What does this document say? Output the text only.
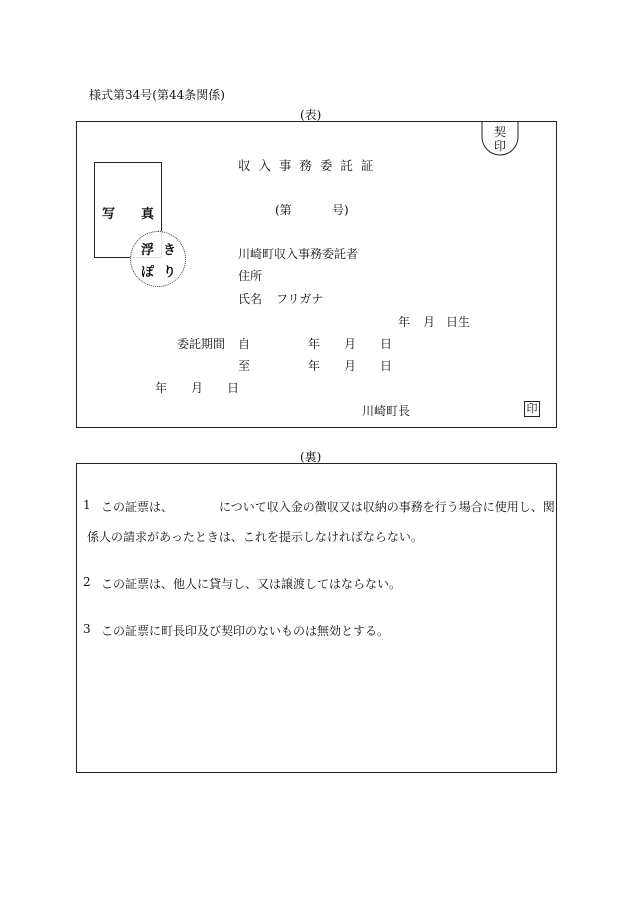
様式第34号(第44条関係)
(表)
契
印
写 真
浮 き
ぽ り
収 入 事 務 委 託 証
(第	号)
川崎町収入事務委託者
住所
氏名 フリガナ
年 月 日生
委託期間 自	年 月 日
至	年 月 日
年 月 日
川崎町長	印
(裏)
1 この証票は、	について収入金の徴収又は収納の事務を行う場合に使用し、関
係人の請求があったときは、これを提示しなければならない。
2 この証票は、他人に貸与し、又は譲渡してはならない。
3 この証票に町長印及び契印のないものは無効とする。
